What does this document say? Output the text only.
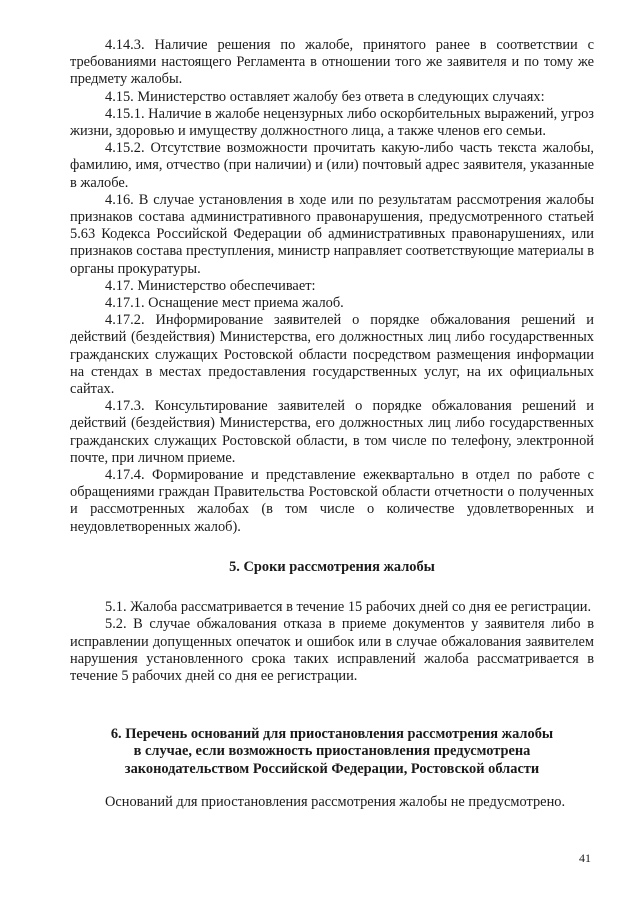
4.14.3. Наличие решения по жалобе, принятого ранее в соответствии с требованиями настоящего Регламента в отношении того же заявителя и по тому же предмету жалобы.

4.15. Министерство оставляет жалобу без ответа в следующих случаях:

4.15.1. Наличие в жалобе нецензурных либо оскорбительных выражений, угроз жизни, здоровью и имуществу должностного лица, а также членов его семьи.

4.15.2. Отсутствие возможности прочитать какую-либо часть текста жалобы, фамилию, имя, отчество (при наличии) и (или) почтовый адрес заявителя, указанные в жалобе.

4.16. В случае установления в ходе или по результатам рассмотрения жалобы признаков состава административного правонарушения, предусмотренного статьей 5.63 Кодекса Российской Федерации об административных правонарушениях, или признаков состава преступления, министр направляет соответствующие материалы в органы прокуратуры.

4.17. Министерство обеспечивает:

4.17.1. Оснащение мест приема жалоб.

4.17.2. Информирование заявителей о порядке обжалования решений и действий (бездействия) Министерства, его должностных лиц либо государственных гражданских служащих Ростовской области посредством размещения информации на стендах в местах предоставления государственных услуг, на их официальных сайтах.

4.17.3. Консультирование заявителей о порядке обжалования решений и действий (бездействия) Министерства, его должностных лиц либо государственных гражданских служащих Ростовской области, в том числе по телефону, электронной почте, при личном приеме.

4.17.4. Формирование и представление ежеквартально в отдел по работе с обращениями граждан Правительства Ростовской области отчетности о полученных и рассмотренных жалобах (в том числе о количестве удовлетворенных и неудовлетворенных жалоб).

5. Сроки рассмотрения жалобы

5.1. Жалоба рассматривается в течение 15 рабочих дней со дня ее регистрации.

5.2. В случае обжалования отказа в приеме документов у заявителя либо в исправлении допущенных опечаток и ошибок или в случае обжалования заявителем нарушения установленного срока таких исправлений жалоба рассматривается в течение 5 рабочих дней со дня ее регистрации.

6. Перечень оснований для приостановления рассмотрения жалобы
в случае, если возможность приостановления предусмотрена
законодательством Российской Федерации, Ростовской области

Оснований для приостановления рассмотрения жалобы не предусмотрено.

41
